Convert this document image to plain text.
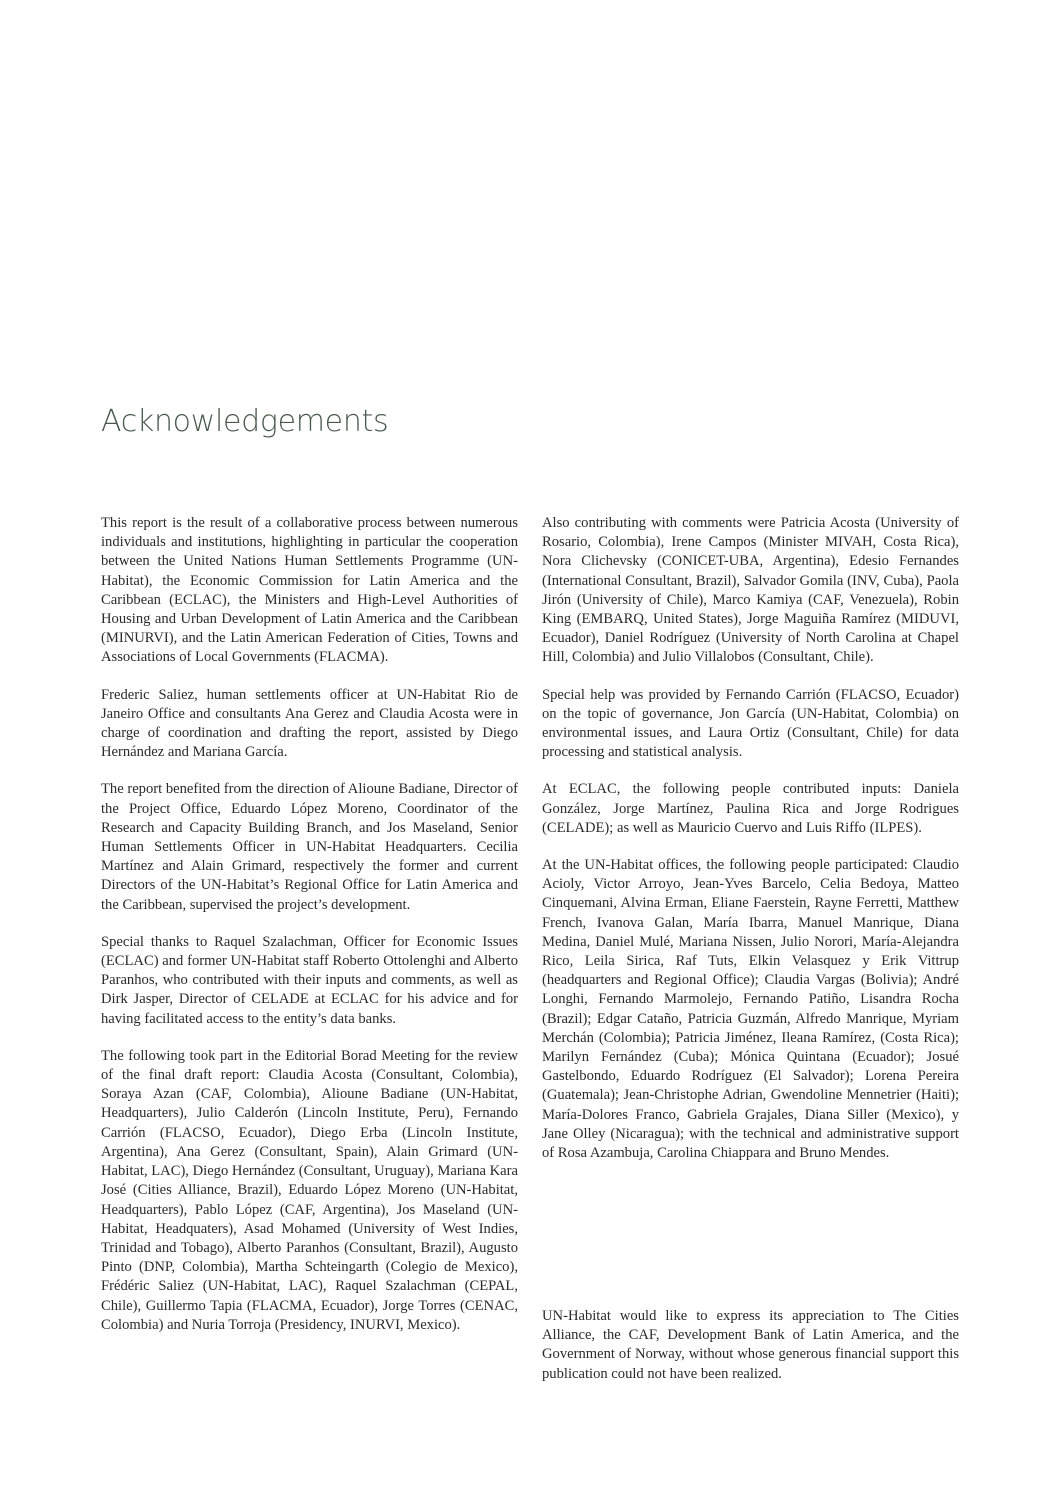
Acknowledgements

This report is the result of a collaborative process between numerous individuals and institutions, highlighting in particular the cooperation between the United Nations Human Settlements Programme (UN-Habitat), the Economic Commission for Latin America and the Caribbean (ECLAC), the Ministers and High-Level Authorities of Housing and Urban Development of Latin America and the Caribbean (MINURVI), and the Latin American Federation of Cities, Towns and Associations of Local Governments (FLACMA).

Frederic Saliez, human settlements officer at UN-Habitat Rio de Janeiro Office and consultants Ana Gerez and Claudia Acosta were in charge of coordination and drafting the report, assisted by Diego Hernández and Mariana García.

The report benefited from the direction of Alioune Badiane, Director of the Project Office, Eduardo López Moreno, Coordinator of the Research and Capacity Building Branch, and Jos Maseland, Senior Human Settlements Officer in UN-Habitat Headquarters. Cecilia Martínez and Alain Grimard, respectively the former and current Directors of the UN-Habitat’s Regional Office for Latin America and the Caribbean, supervised the project’s development.

Special thanks to Raquel Szalachman, Officer for Economic Issues (ECLAC) and former UN-Habitat staff Roberto Ottolenghi and Alberto Paranhos, who contributed with their inputs and comments, as well as Dirk Jasper, Director of CELADE at ECLAC for his advice and for having facilitated access to the entity’s data banks.

The following took part in the Editorial Borad Meeting for the review of the final draft report: Claudia Acosta (Consultant, Colombia), Soraya Azan (CAF, Colombia), Alioune Badiane (UN-Habitat, Headquarters), Julio Calderón (Lincoln Institute, Peru), Fernando Carrión (FLACSO, Ecuador), Diego Erba (Lincoln Institute, Argentina), Ana Gerez (Consultant, Spain), Alain Grimard (UN-Habitat, LAC), Diego Hernández (Consultant, Uruguay), Mariana Kara José (Cities Alliance, Brazil), Eduardo López Moreno (UN-Habitat, Headquarters), Pablo López (CAF, Argentina), Jos Maseland (UN-Habitat, Headquaters), Asad Mohamed (University of West Indies, Trinidad and Tobago), Alberto Paranhos (Consultant, Brazil), Augusto Pinto (DNP, Colombia), Martha Schteingarth (Colegio de Mexico), Frédéric Saliez (UN-Habitat, LAC), Raquel Szalachman (CEPAL, Chile), Guillermo Tapia (FLACMA, Ecuador), Jorge Torres (CENAC, Colombia) and Nuria Torroja (Presidency, INURVI, Mexico).

Also contributing with comments were Patricia Acosta (University of Rosario, Colombia), Irene Campos (Minister MIVAH, Costa Rica), Nora Clichevsky (CONICET-UBA, Argentina), Edesio Fernandes (International Consultant, Brazil), Salvador Gomila (INV, Cuba), Paola Jirón (University of Chile), Marco Kamiya (CAF, Venezuela), Robin King (EMBARQ, United States), Jorge Maguiña Ramírez (MIDUVI, Ecuador), Daniel Rodríguez (University of North Carolina at Chapel Hill, Colombia) and Julio Villalobos (Consultant, Chile).

Special help was provided by Fernando Carrión (FLACSO, Ecuador) on the topic of governance, Jon García (UN-Habitat, Colombia) on environmental issues, and Laura Ortiz (Consultant, Chile) for data processing and statistical analysis.

At ECLAC, the following people contributed inputs: Daniela González, Jorge Martínez, Paulina Rica and Jorge Rodrigues (CELADE); as well as Mauricio Cuervo and Luis Riffo (ILPES).

At the UN-Habitat offices, the following people participated: Claudio Acioly, Victor Arroyo, Jean-Yves Barcelo, Celia Bedoya, Matteo Cinquemani, Alvina Erman, Eliane Faerstein, Rayne Ferretti, Matthew French, Ivanova Galan, María Ibarra, Manuel Manrique, Diana Medina, Daniel Mulé, Mariana Nissen, Julio Norori, María-Alejandra Rico, Leila Sirica, Raf Tuts, Elkin Velasquez y Erik Vittrup (headquarters and Regional Office); Claudia Vargas (Bolivia); André Longhi, Fernando Marmolejo, Fernando Patiño, Lisandra Rocha (Brazil); Edgar Cataño, Patricia Guzmán, Alfredo Manrique, Myriam Merchán (Colombia); Patricia Jiménez, Ileana Ramírez, (Costa Rica); Marilyn Fernández (Cuba); Mónica Quintana (Ecuador); Josué Gastelbondo, Eduardo Rodríguez (El Salvador); Lorena Pereira (Guatemala); Jean-Christophe Adrian, Gwendoline Mennetrier (Haiti); María-Dolores Franco, Gabriela Grajales, Diana Siller (Mexico), y Jane Olley (Nicaragua); with the technical and administrative support of Rosa Azambuja, Carolina Chiappara and Bruno Mendes.

UN-Habitat would like to express its appreciation to The Cities Alliance, the CAF, Development Bank of Latin America, and the Government of Norway, without whose generous financial support this publication could not have been realized.
